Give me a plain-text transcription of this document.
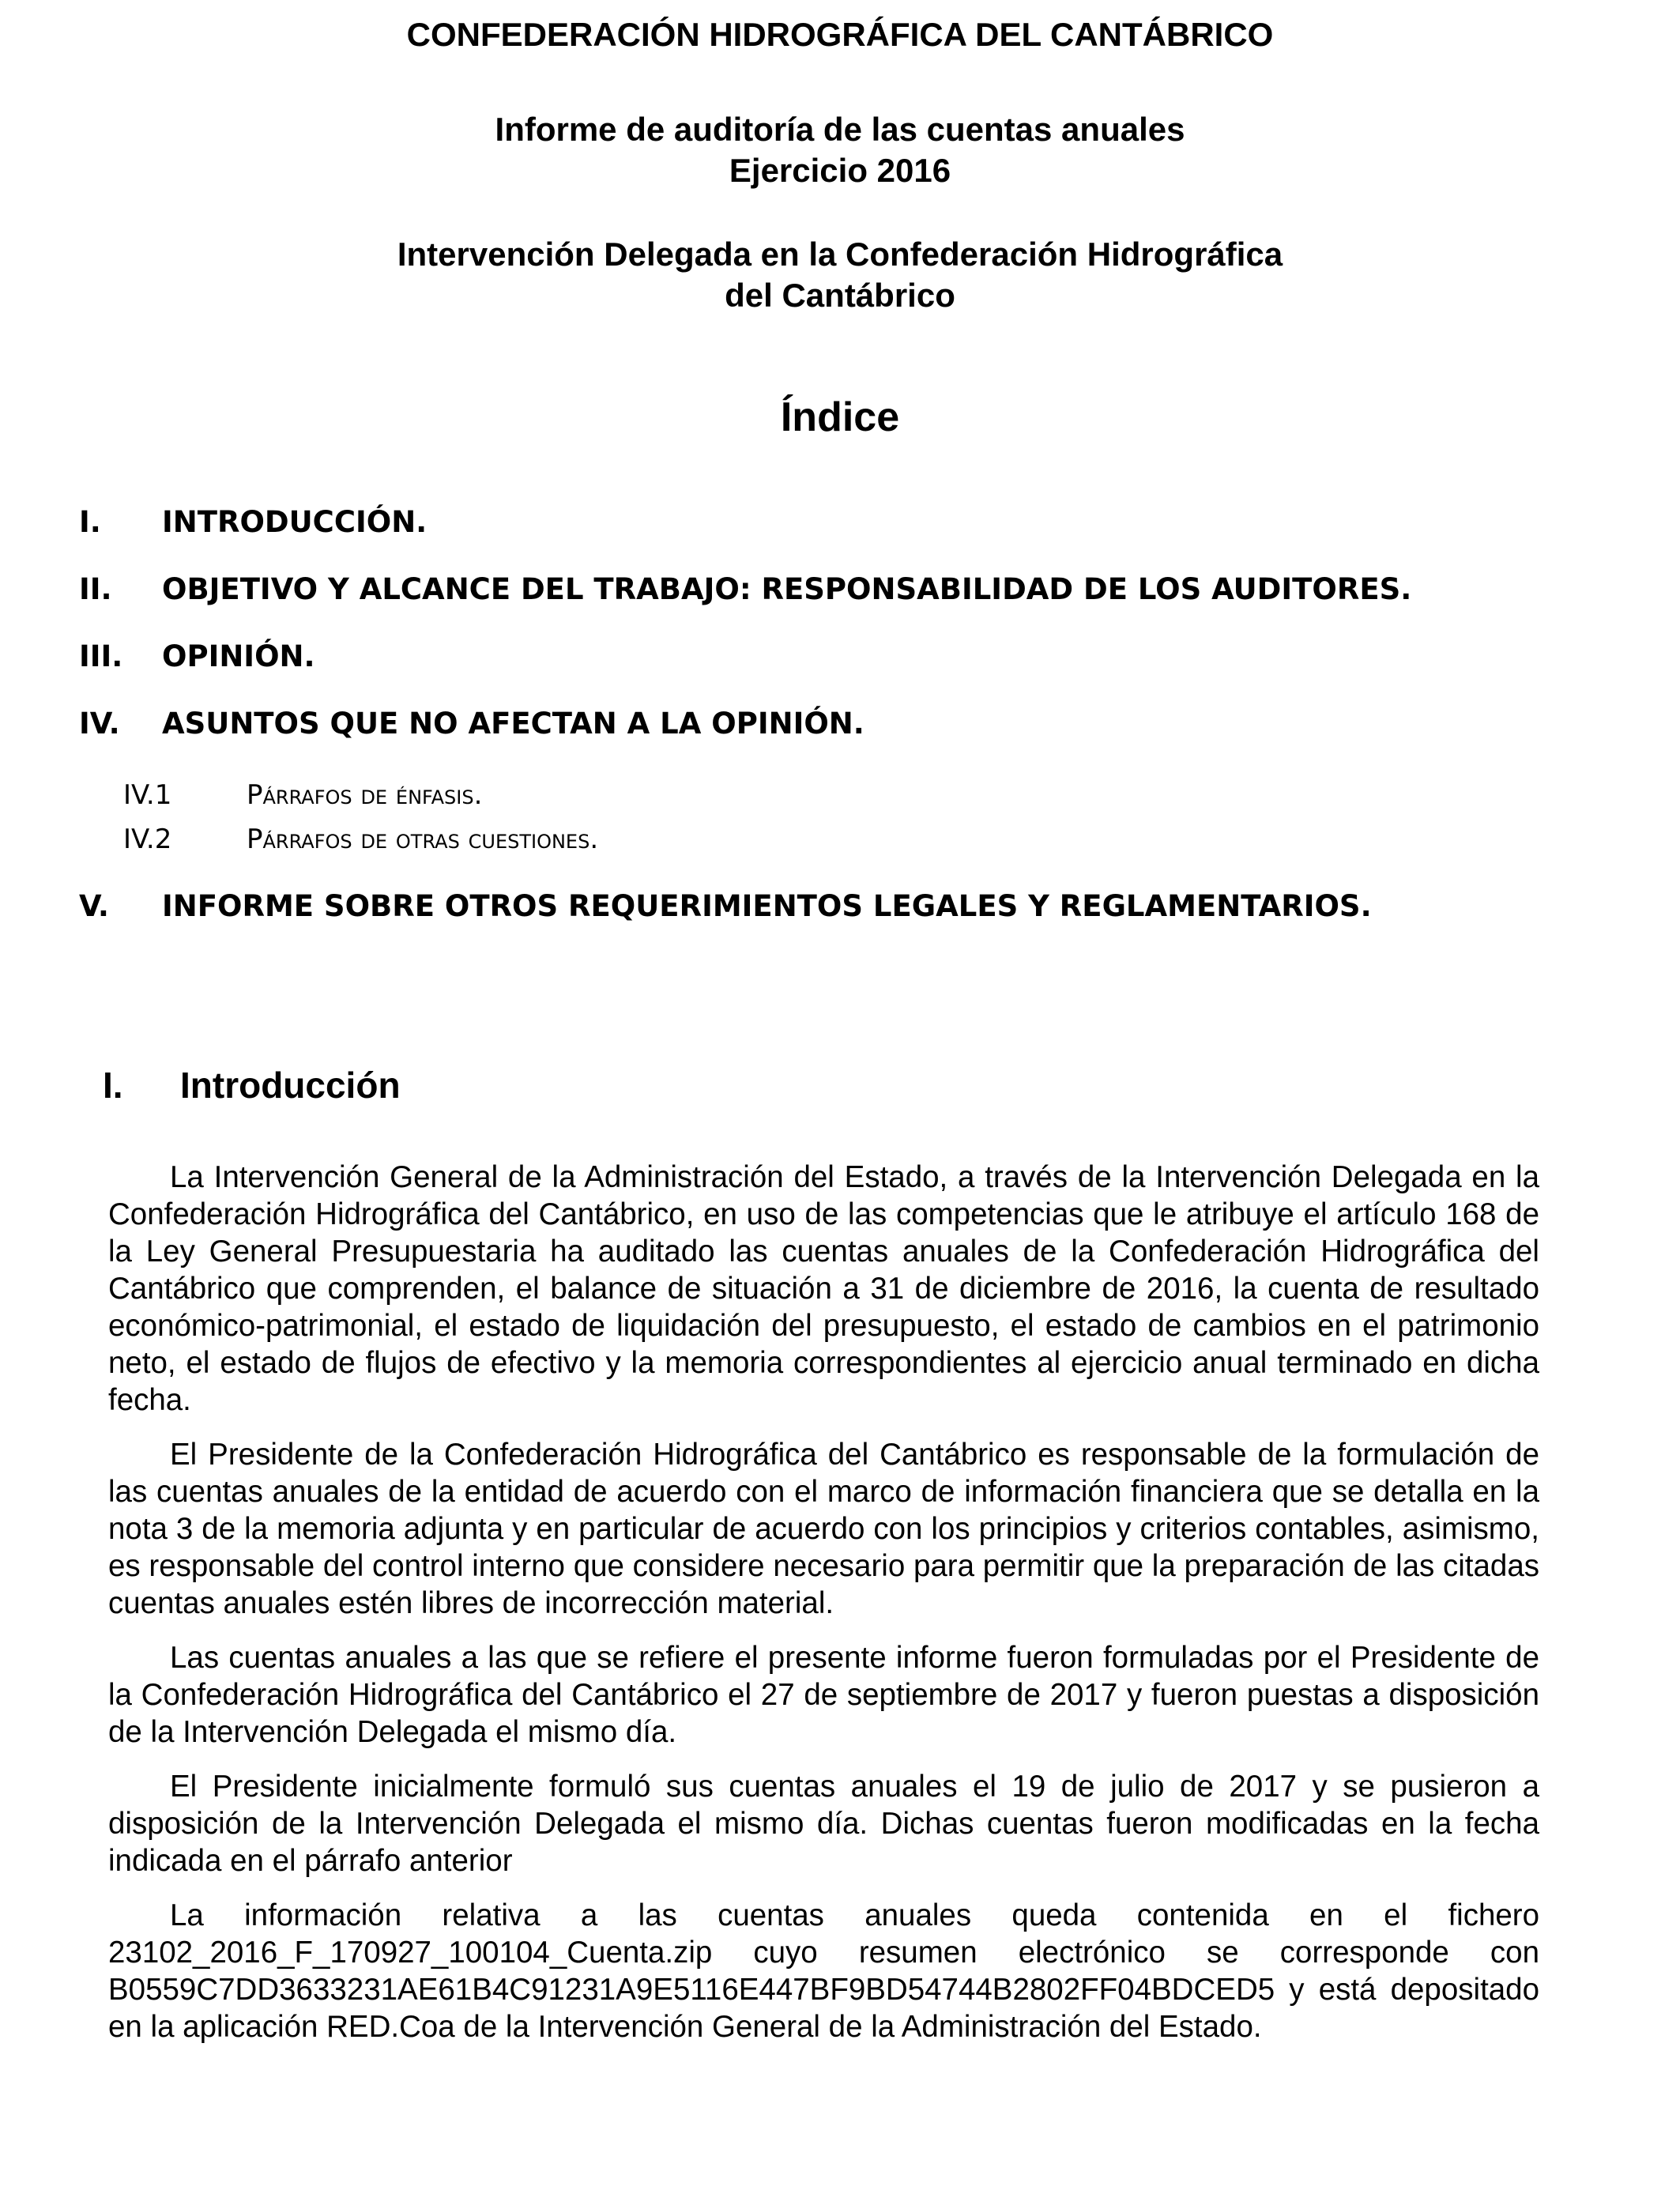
CONFEDERACIÓN HIDROGRÁFICA DEL CANTÁBRICO
Informe de auditoría de las cuentas anuales
Ejercicio 2016
Intervención Delegada en la Confederación Hidrográfica
del Cantábrico
Índice
I. INTRODUCCIÓN.
II. OBJETIVO Y ALCANCE DEL TRABAJO: RESPONSABILIDAD DE LOS AUDITORES.
III. OPINIÓN.
IV. ASUNTOS QUE NO AFECTAN A LA OPINIÓN.
IV.1	Párrafos de énfasis.
IV.2	Párrafos de otras cuestiones.
V. INFORME SOBRE OTROS REQUERIMIENTOS LEGALES Y REGLAMENTARIOS.
I. Introducción

La Intervención General de la Administración del Estado, a través de la Intervención Delegada en la Confederación Hidrográfica del Cantábrico, en uso de las competencias que le atribuye el artículo 168 de la Ley General Presupuestaria ha auditado las cuentas anuales de la Confederación Hidrográfica del Cantábrico que comprenden, el balance de situación a 31 de diciembre de 2016, la cuenta de resultado económico-patrimonial, el estado de liquidación del presupuesto, el estado de cambios en el patrimonio neto, el estado de flujos de efectivo y la memoria correspondientes al ejercicio anual terminado en dicha fecha.

El Presidente de la Confederación Hidrográfica del Cantábrico es responsable de la formulación de las cuentas anuales de la entidad de acuerdo con el marco de información financiera que se detalla en la nota 3 de la memoria adjunta y en particular de acuerdo con los principios y criterios contables, asimismo, es responsable del control interno que considere necesario para permitir que la preparación de las citadas cuentas anuales estén libres de incorrección material.

Las cuentas anuales a las que se refiere el presente informe fueron formuladas por el Presidente de la Confederación Hidrográfica del Cantábrico el 27 de septiembre de 2017 y fueron puestas a disposición de la Intervención Delegada el mismo día.

El Presidente inicialmente formuló sus cuentas anuales el 19 de julio de 2017 y se pusieron a disposición de la Intervención Delegada el mismo día. Dichas cuentas fueron modificadas en la fecha indicada en el párrafo anterior

La información relativa a las cuentas anuales queda contenida en el fichero 23102_2016_F_170927_100104_Cuenta.zip cuyo resumen electrónico se corresponde con B0559C7DD3633231AE61B4C91231A9E5116E447BF9BD54744B2802FF04BDCED5 y está depositado en la aplicación RED.Coa de la Intervención General de la Administración del Estado.
